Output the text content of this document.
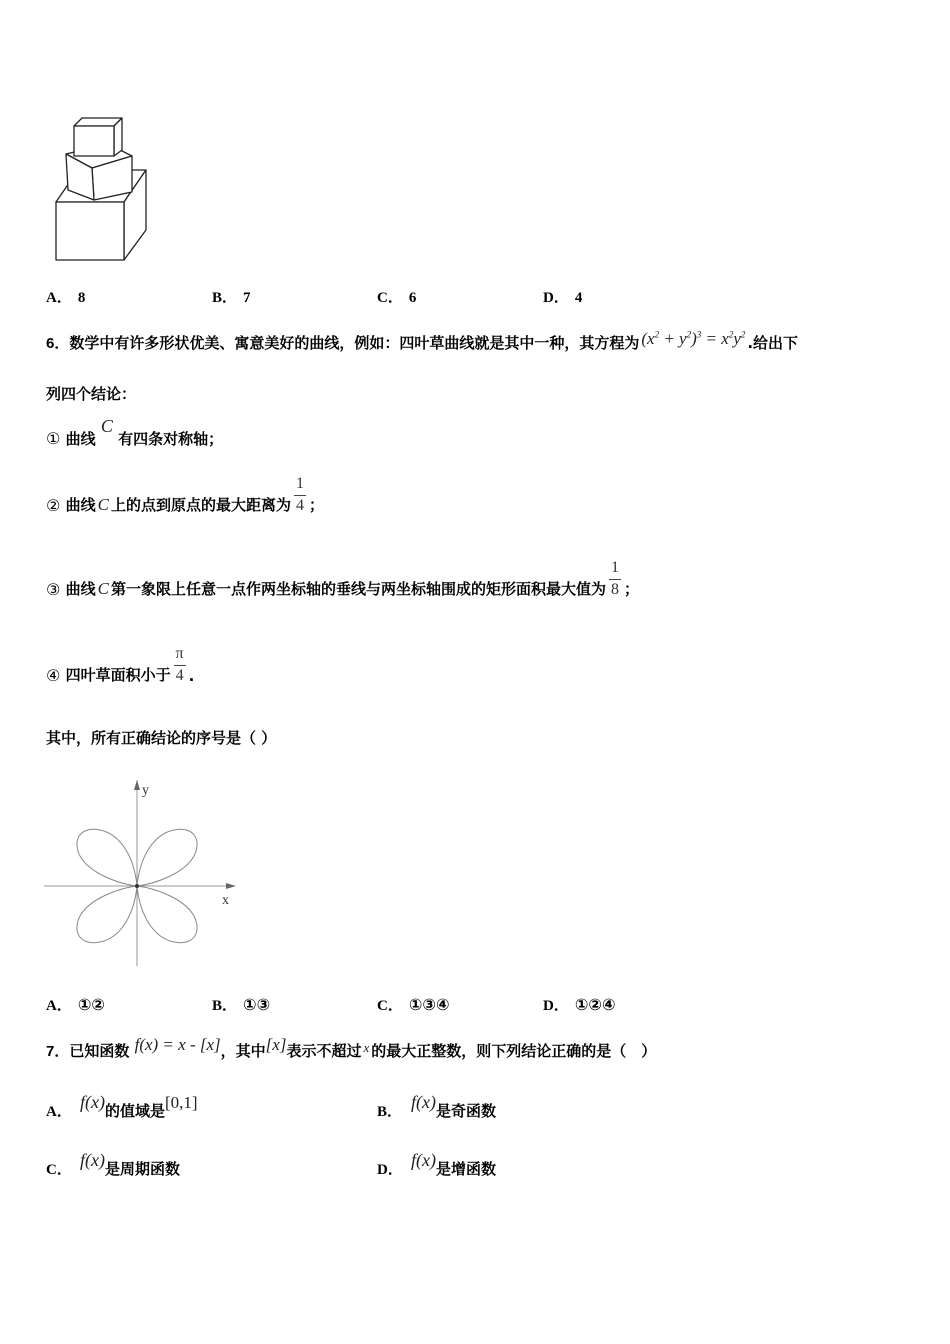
A． 8	B． 7	C． 6	D． 4
6．数学中有许多形状优美、寓意美好的曲线，例如：四叶草曲线就是其中一种，其方程为 $(x^2 + y^2)^3 = x^2y^2$ .给出下
列四个结论：
① 曲线 C 有四条对称轴；
②
曲线 C 上的点到原点的最大距离为 $\frac{1}{4}$ ；
③
曲线 C 第一象限上任意一点作两坐标轴的垂线与两坐标轴围成的矩形面积最大值为 $\frac{1}{8}$ ；
④
四叶草面积小于 $\frac{\pi}{4}$ .
其中，所有正确结论的序号是（ ）
y
x
A． ①②	B． ①③	C． ①③④	D． ①②④
7．已知函数 f(x) = x - [x]，其中[x]表示不超过 x 的最大正整数，则下列结论正确的是（　）
A． f(x)的值域是[0,1]	B． f(x)是奇函数
C． f(x)是周期函数	D． f(x)是增函数
